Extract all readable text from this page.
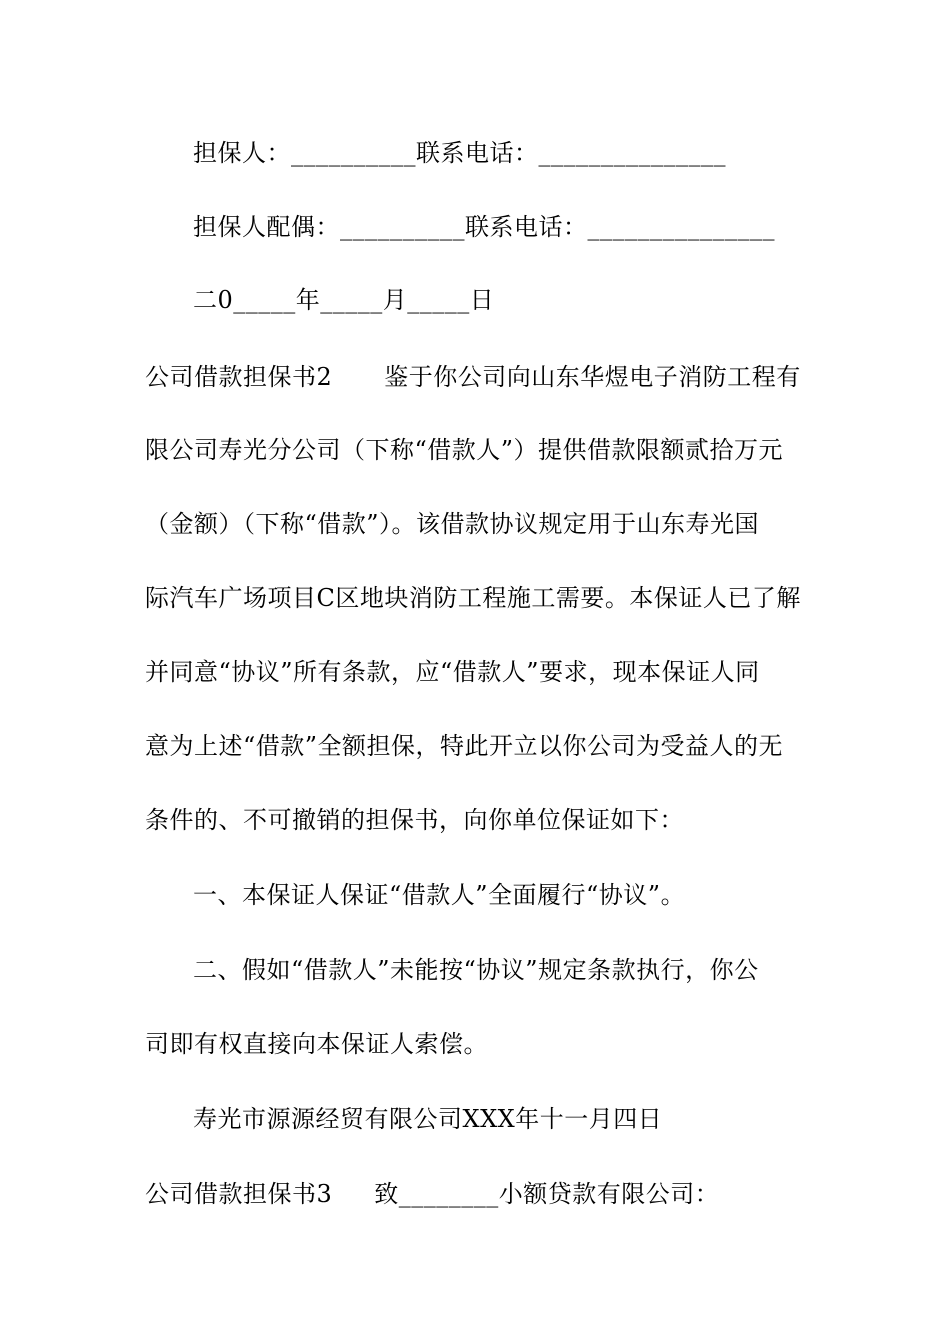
担保人：__________联系电话：_______________
担保人配偶：__________联系电话：_______________
二0_____年_____月_____日
公司借款担保书2 鉴于你公司向山东华煜电子消防工程有
限公司寿光分公司（下称“借款人”）提供借款限额贰拾万元
（金额）（下称“借款”）。该借款协议规定用于山东寿光国
际汽车广场项目C区地块消防工程施工需要。本保证人已了解
并同意“协议”所有条款，应“借款人”要求，现本保证人同
意为上述“借款”全额担保，特此开立以你公司为受益人的无
条件的、不可撤销的担保书，向你单位保证如下：
一、本保证人保证“借款人”全面履行“协议”。
二、假如“借款人”未能按“协议”规定条款执行，你公
司即有权直接向本保证人索偿。
寿光市源源经贸有限公司XXX年十一月四日
公司借款担保书3 致________小额贷款有限公司：
